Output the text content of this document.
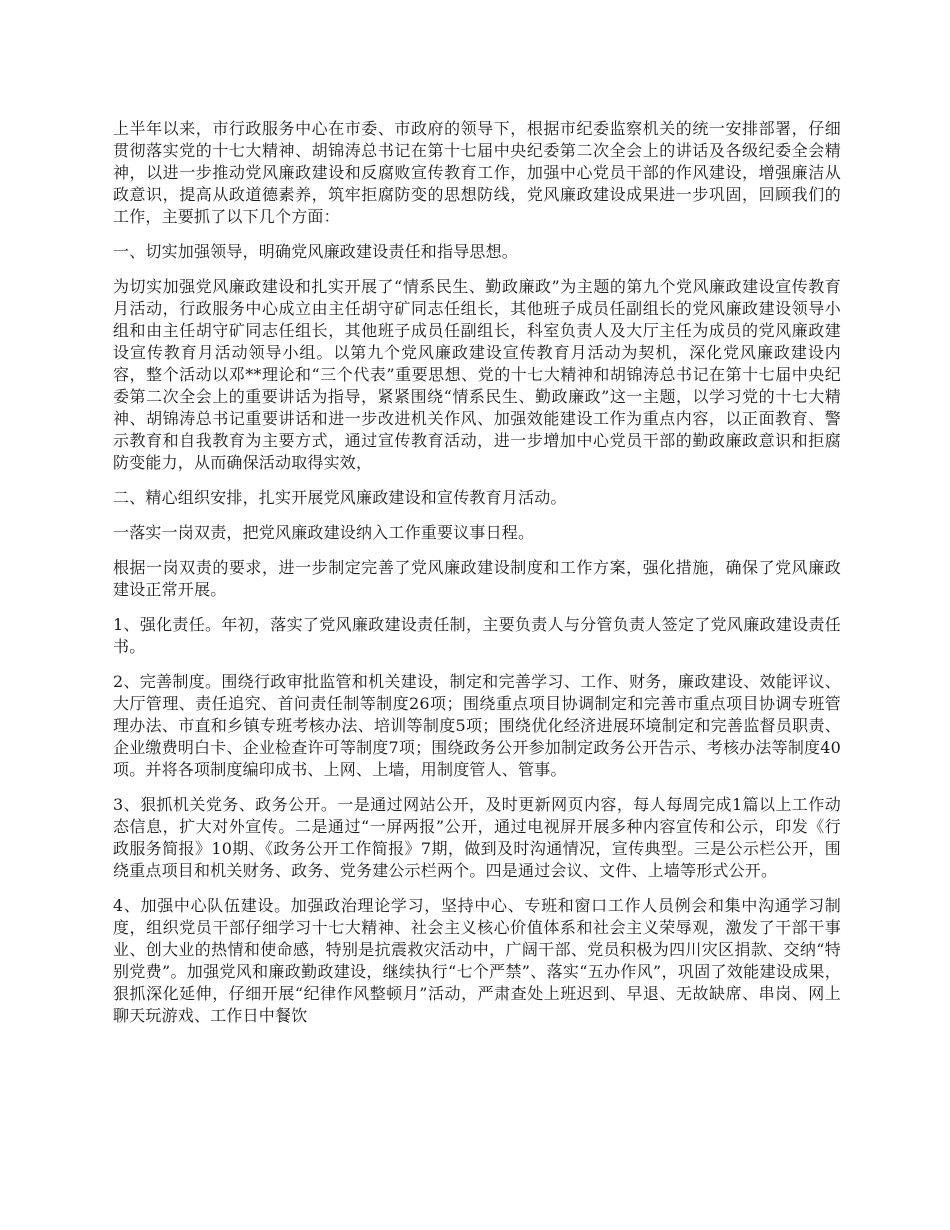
上半年以来，市行政服务中心在市委、市政府的领导下，根据市纪委监察机关的统一安排部署，仔细贯彻落实党的十七大精神、胡锦涛总书记在第十七届中央纪委第二次全会上的讲话及各级纪委全会精神，以进一步推动党风廉政建设和反腐败宣传教育工作，加强中心党员干部的作风建设，增强廉洁从政意识，提高从政道德素养，筑牢拒腐防变的思想防线，党风廉政建设成果进一步巩固，回顾我们的工作，主要抓了以下几个方面：

一、切实加强领导，明确党风廉政建设责任和指导思想。

为切实加强党风廉政建设和扎实开展了“情系民生、勤政廉政”为主题的第九个党风廉政建设宣传教育月活动，行政服务中心成立由主任胡守矿同志任组长，其他班子成员任副组长的党风廉政建设领导小组和由主任胡守矿同志任组长，其他班子成员任副组长，科室负责人及大厅主任为成员的党风廉政建设宣传教育月活动领导小组。以第九个党风廉政建设宣传教育月活动为契机，深化党风廉政建设内容，整个活动以邓**理论和“三个代表”重要思想、党的十七大精神和胡锦涛总书记在第十七届中央纪委第二次全会上的重要讲话为指导，紧紧围绕“情系民生、勤政廉政”这一主题，以学习党的十七大精神、胡锦涛总书记重要讲话和进一步改进机关作风、加强效能建设工作为重点内容，以正面教育、警示教育和自我教育为主要方式，通过宣传教育活动，进一步增加中心党员干部的勤政廉政意识和拒腐防变能力，从而确保活动取得实效，

二、精心组织安排，扎实开展党风廉政建设和宣传教育月活动。

一落实一岗双责，把党风廉政建设纳入工作重要议事日程。

根据一岗双责的要求，进一步制定完善了党风廉政建设制度和工作方案，强化措施，确保了党风廉政建设正常开展。

1、强化责任。年初，落实了党风廉政建设责任制，主要负责人与分管负责人签定了党风廉政建设责任书。

2、完善制度。围绕行政审批监管和机关建设，制定和完善学习、工作、财务，廉政建设、效能评议、大厅管理、责任追究、首问责任制等制度26项；围绕重点项目协调制定和完善市重点项目协调专班管理办法、市直和乡镇专班考核办法、培训等制度5项；围绕优化经济进展环境制定和完善监督员职责、企业缴费明白卡、企业检查许可等制度7项；围绕政务公开参加制定政务公开告示、考核办法等制度40项。并将各项制度编印成书、上网、上墙，用制度管人、管事。

3、狠抓机关党务、政务公开。一是通过网站公开，及时更新网页内容，每人每周完成1篇以上工作动态信息，扩大对外宣传。二是通过“一屏两报”公开，通过电视屏开展多种内容宣传和公示，印发《行政服务简报》10期、《政务公开工作简报》7期，做到及时沟通情况，宣传典型。三是公示栏公开，围绕重点项目和机关财务、政务、党务建公示栏两个。四是通过会议、文件、上墙等形式公开。

4、加强中心队伍建设。加强政治理论学习，坚持中心、专班和窗口工作人员例会和集中沟通学习制度，组织党员干部仔细学习十七大精神、社会主义核心价值体系和社会主义荣辱观，激发了干部干事业、创大业的热情和使命感，特别是抗震救灾活动中，广阔干部、党员积极为四川灾区捐款、交纳“特别党费”。加强党风和廉政勤政建设，继续执行“七个严禁”、落实“五办作风”，巩固了效能建设成果，狠抓深化延伸，仔细开展“纪律作风整顿月”活动，严肃查处上班迟到、早退、无故缺席、串岗、网上聊天玩游戏、工作日中餐饮
